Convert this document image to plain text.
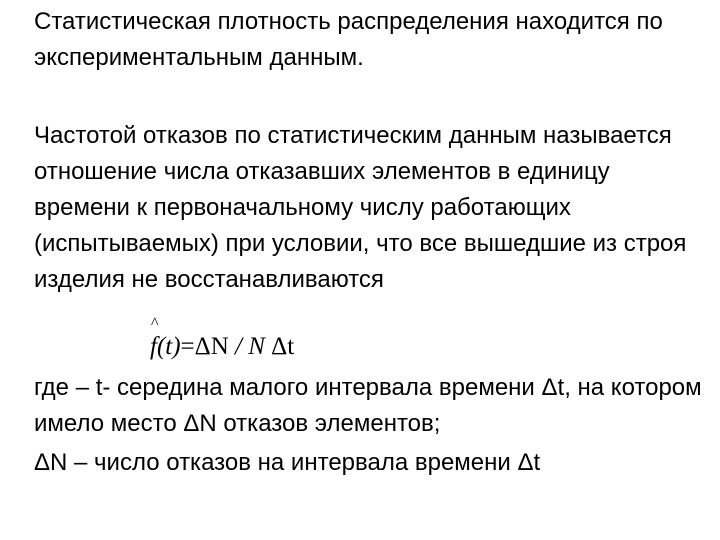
Статистическая плотность распределения находится по экспериментальным данным.

Частотой отказов по статистическим данным называется отношение числа отказавших элементов в единицу времени к первоначальному числу работающих (испытываемых) при условии, что все вышедшие из строя изделия не восстанавливаются

^
f(t)=ΔN / N Δt

где – t- середина малого интервала времени Δt, на котором имело место ΔN отказов элементов;

ΔN – число отказов на интервала времени Δt
